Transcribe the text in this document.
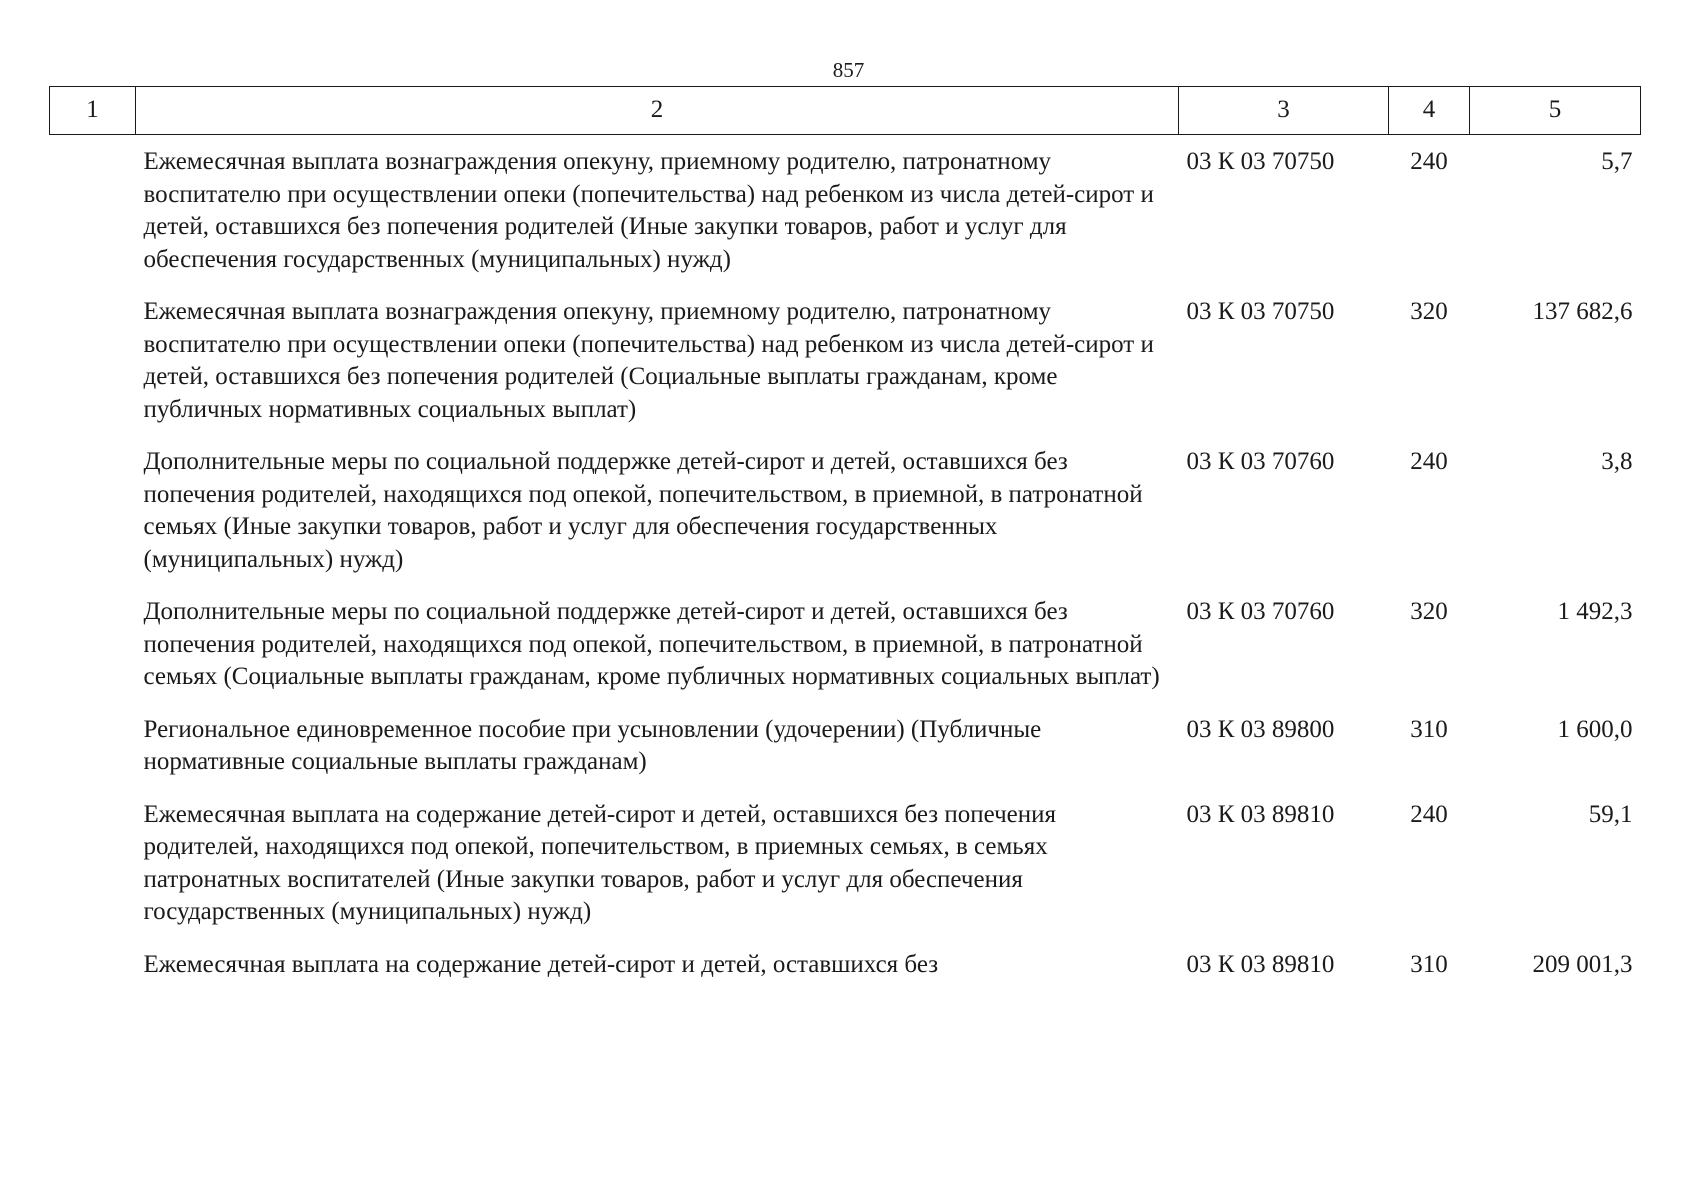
857
1	2	3	4	5
	Ежемесячная выплата вознаграждения опекуну, приемному родителю, патронатному воспитателю при осуществлении опеки (попечительства) над ребенком из числа детей-сирот и детей, оставшихся без попечения родителей (Иные закупки товаров, работ и услуг для обеспечения государственных (муниципальных) нужд)	03 К 03 70750	240	5,7
	Ежемесячная выплата вознаграждения опекуну, приемному родителю, патронатному воспитателю при осуществлении опеки (попечительства) над ребенком из числа детей-сирот и детей, оставшихся без попечения родителей (Социальные выплаты гражданам, кроме публичных нормативных социальных выплат)	03 К 03 70750	320	137 682,6
	Дополнительные меры по социальной поддержке детей-сирот и детей, оставшихся без попечения родителей, находящихся под опекой, попечительством, в приемной, в патронатной семьях (Иные закупки товаров, работ и услуг для обеспечения государственных (муниципальных) нужд)	03 К 03 70760	240	3,8
	Дополнительные меры по социальной поддержке детей-сирот и детей, оставшихся без попечения родителей, находящихся под опекой, попечительством, в приемной, в патронатной семьях (Социальные выплаты гражданам, кроме публичных нормативных социальных выплат)	03 К 03 70760	320	1 492,3
	Региональное единовременное пособие при усыновлении (удочерении) (Публичные нормативные социальные выплаты гражданам)	03 К 03 89800	310	1 600,0
	Ежемесячная выплата на содержание детей-сирот и детей, оставшихся без попечения родителей, находящихся под опекой, попечительством, в приемных семьях, в семьях патронатных воспитателей (Иные закупки товаров, работ и услуг для обеспечения государственных (муниципальных) нужд)	03 К 03 89810	240	59,1
	Ежемесячная выплата на содержание детей-сирот и детей, оставшихся без	03 К 03 89810	310	209 001,3
